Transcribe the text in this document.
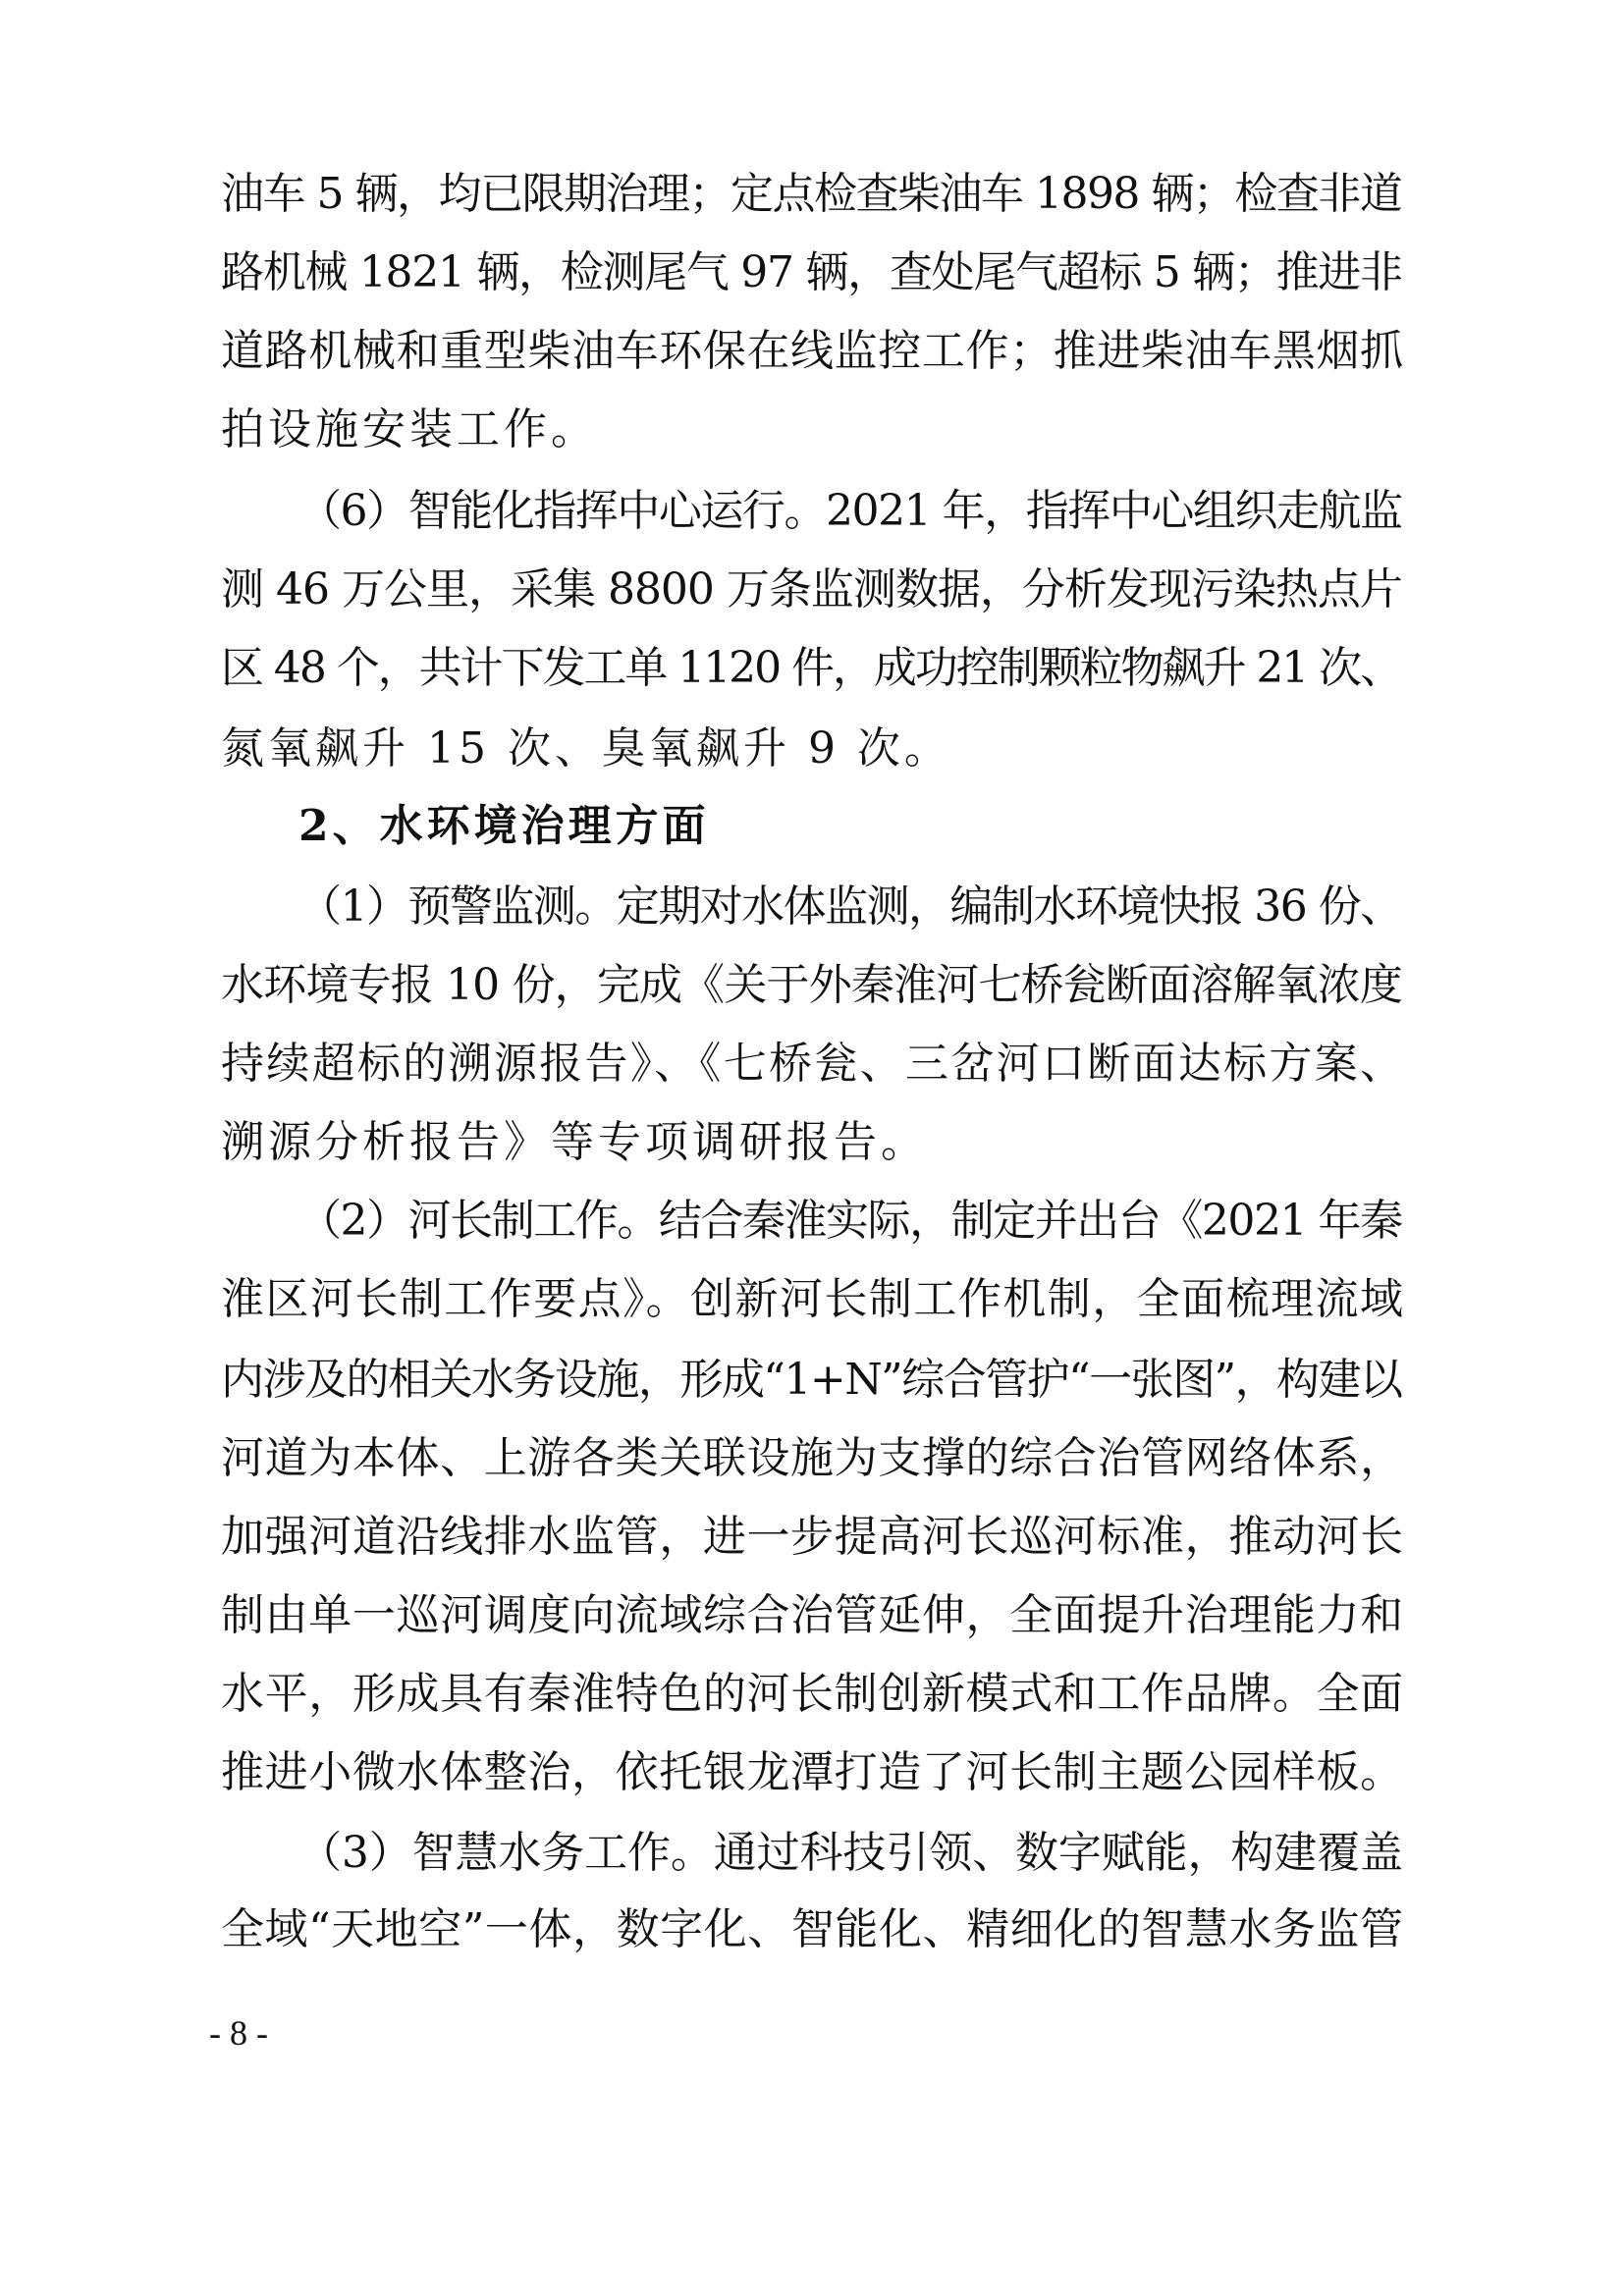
油车 5 辆，均已限期治理；定点检查柴油车 1898 辆；检查非道
路机械 1821 辆，检测尾气 97 辆，查处尾气超标 5 辆；推进非
道路机械和重型柴油车环保在线监控工作；推进柴油车黑烟抓
拍设施安装工作。
（6）智能化指挥中心运行。2021 年，指挥中心组织走航监
测 46 万公里，采集 8800 万条监测数据，分析发现污染热点片
区 48 个，共计下发工单 1120 件，成功控制颗粒物飙升 21 次、
氮氧飙升 15 次、臭氧飙升 9 次。
2、水环境治理方面
（1）预警监测。定期对水体监测，编制水环境快报 36 份、
水环境专报 10 份，完成《关于外秦淮河七桥瓮断面溶解氧浓度
持续超标的溯源报告》、《七桥瓮、三岔河口断面达标方案、
溯源分析报告》等专项调研报告。
（2）河长制工作。结合秦淮实际，制定并出台《2021 年秦
淮区河长制工作要点》。创新河长制工作机制，全面梳理流域
内涉及的相关水务设施，形成“1+N”综合管护“一张图”，构建以
河道为本体、上游各类关联设施为支撑的综合治管网络体系，
加强河道沿线排水监管，进一步提高河长巡河标准，推动河长
制由单一巡河调度向流域综合治管延伸，全面提升治理能力和
水平，形成具有秦淮特色的河长制创新模式和工作品牌。全面
推进小微水体整治，依托银龙潭打造了河长制主题公园样板。
（3）智慧水务工作。通过科技引领、数字赋能，构建覆盖
全域“天地空”一体，数字化、智能化、精细化的智慧水务监管
- 8 -
